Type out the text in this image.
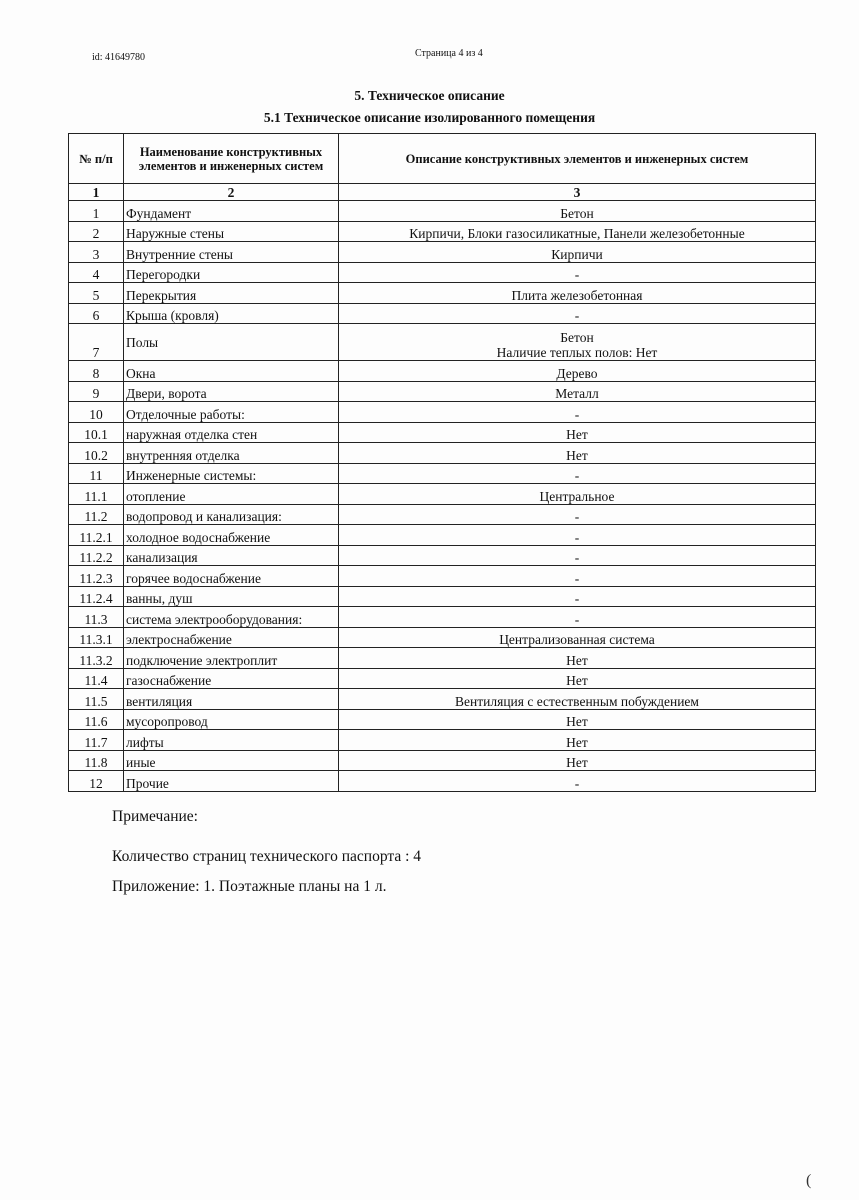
id: 41649780	Страница 4 из 4
5. Техническое описание
5.1 Техническое описание изолированного помещения
№ п/п	Наименование конструктивных элементов и инженерных систем	Описание конструктивных элементов и инженерных систем
1	2	3
1	Фундамент	Бетон

2	Наружные стены	Кирпичи, Блоки газосиликатные, Панели железобетонные

3	Внутренние стены	Кирпичи

4	Перегородки	-

5	Перекрытия	Плита железобетонная

6	Крыша (кровля)	-

7	Полы	Бетон
Наличие теплых полов: Нет

8	Окна	Дерево

9	Двери, ворота	Металл

10	Отделочные работы:	-

10.1	наружная отделка стен	Нет

10.2	внутренняя отделка	Нет

11	Инженерные системы:	-

11.1	отопление	Центральное

11.2	водопровод и канализация:	-

11.2.1	холодное водоснабжение	-

11.2.2	канализация	-

11.2.3	горячее водоснабжение	-

11.2.4	ванны, душ	-

11.3	система электрооборудования:	-

11.3.1	электроснабжение	Централизованная система

11.3.2	подключение электроплит	Нет

11.4	газоснабжение	Нет

11.5	вентиляция	Вентиляция с естественным побуждением

11.6	мусоропровод	Нет

11.7	лифты	Нет

11.8	иные	Нет

12	Прочие	-
Примечание:
Количество страниц технического паспорта : 4
Приложение: 1. Поэтажные планы на 1 л.
(
